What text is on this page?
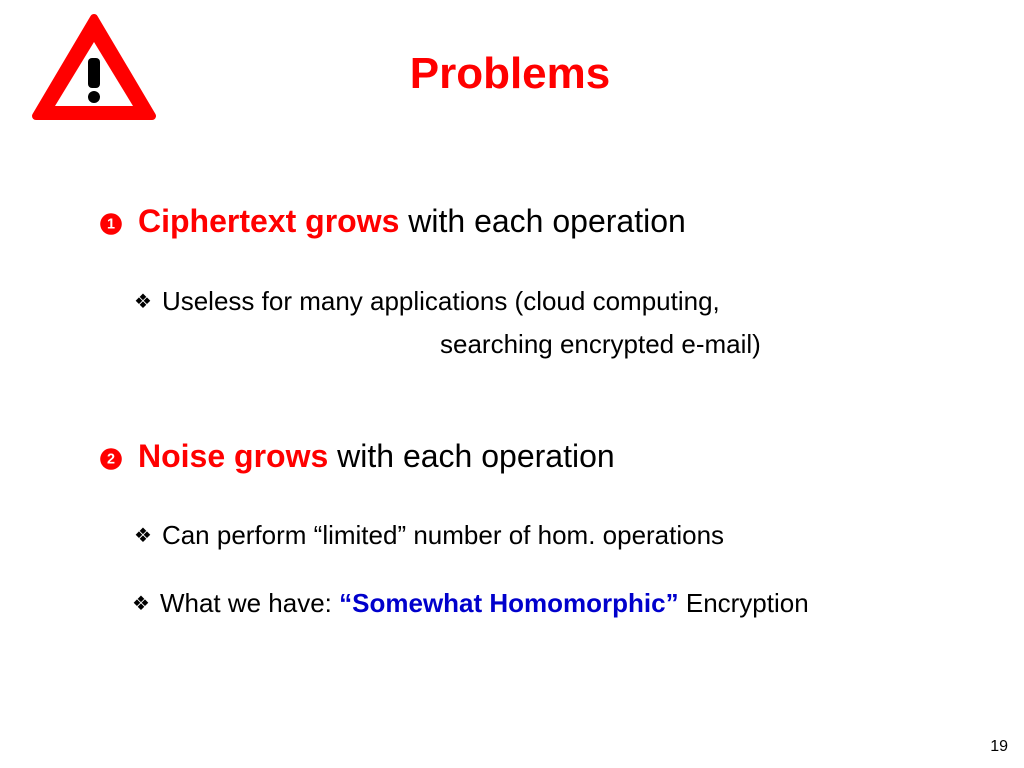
Problems
1 Ciphertext grows with each operation
❖ Useless for many applications (cloud computing,
searching encrypted e-mail)
2 Noise grows with each operation
❖ Can perform “limited” number of hom. operations
❖ What we have: “Somewhat Homomorphic” Encryption
19
